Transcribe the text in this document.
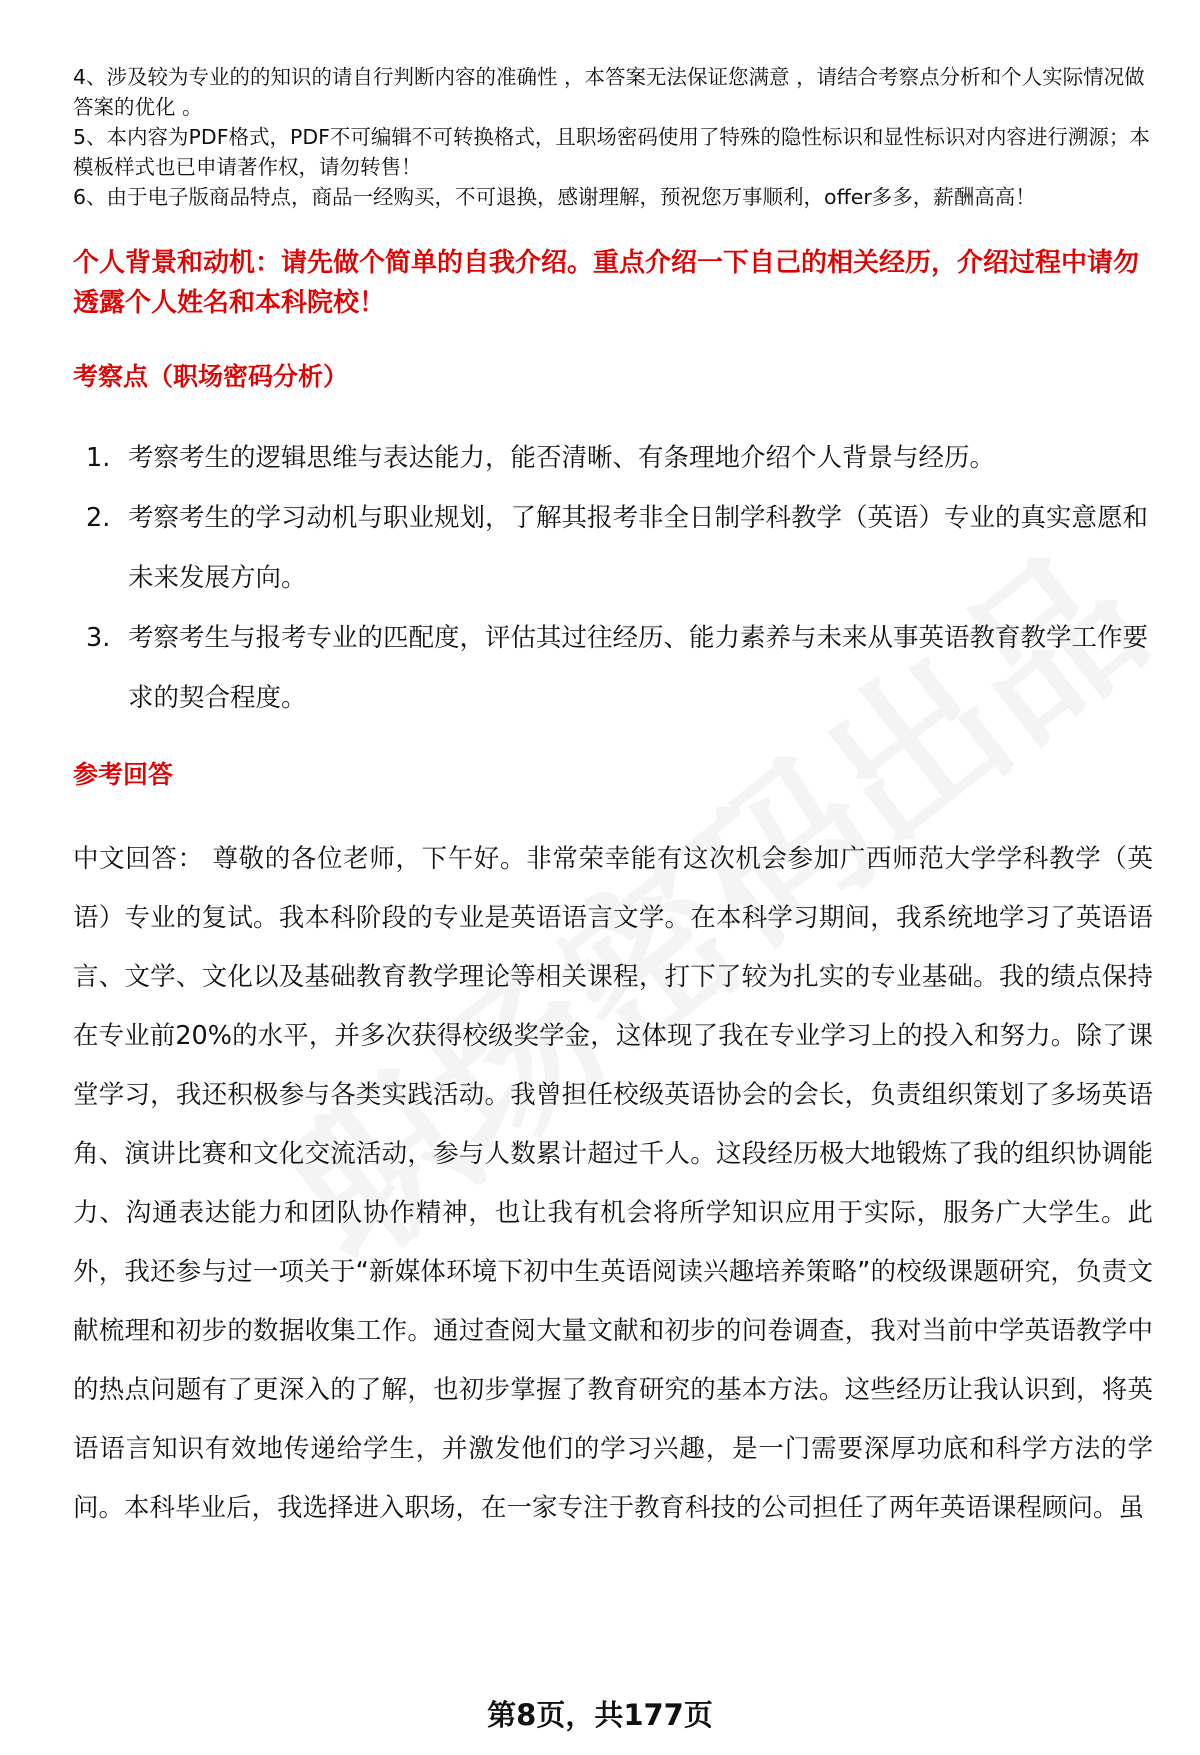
4、涉及较为专业的的知识的请自行判断内容的准确性 ，本答案无法保证您满意 ，请结合考察点分析和个人实际情况做答案的优化 。

5、本内容为PDF格式，PDF不可编辑不可转换格式，且职场密码使用了特殊的隐性标识和显性标识对内容进行溯源；本模板样式也已申请著作权，请勿转售！

6、由于电子版商品特点，商品一经购买，不可退换，感谢理解，预祝您万事顺利，offer多多，薪酬高高！

个人背景和动机：请先做个简单的自我介绍。重点介绍一下自己的相关经历，介绍过程中请勿透露个人姓名和本科院校！
考察点（职场密码分析）
1. 考察考生的逻辑思维与表达能力，能否清晰、有条理地介绍个人背景与经历。
2. 考察考生的学习动机与职业规划，了解其报考非全日制学科教学（英语）专业的真实意愿和未来发展方向。
3. 考察考生与报考专业的匹配度，评估其过往经历、能力素养与未来从事英语教育教学工作要求的契合程度。
参考回答

中文回答： 尊敬的各位老师，下午好。非常荣幸能有这次机会参加广西师范大学学科教学（英语）专业的复试。我本科阶段的专业是英语语言文学。在本科学习期间，我系统地学习了英语语言、文学、文化以及基础教育教学理论等相关课程，打下了较为扎实的专业基础。我的绩点保持在专业前20%的水平，并多次获得校级奖学金，这体现了我在专业学习上的投入和努力。除了课堂学习，我还积极参与各类实践活动。我曾担任校级英语协会的会长，负责组织策划了多场英语角、演讲比赛和文化交流活动，参与人数累计超过千人。这段经历极大地锻炼了我的组织协调能力、沟通表达能力和团队协作精神，也让我有机会将所学知识应用于实际，服务广大学生。此外，我还参与过一项关于“新媒体环境下初中生英语阅读兴趣培养策略”的校级课题研究，负责文献梳理和初步的数据收集工作。通过查阅大量文献和初步的问卷调查，我对当前中学英语教学中的热点问题有了更深入的了解，也初步掌握了教育研究的基本方法。这些经历让我认识到，将英语语言知识有效地传递给学生，并激发他们的学习兴趣，是一门需要深厚功底和科学方法的学问。本科毕业后，我选择进入职场，在一家专注于教育科技的公司担任了两年英语课程顾问。虽

第8页，共177页
